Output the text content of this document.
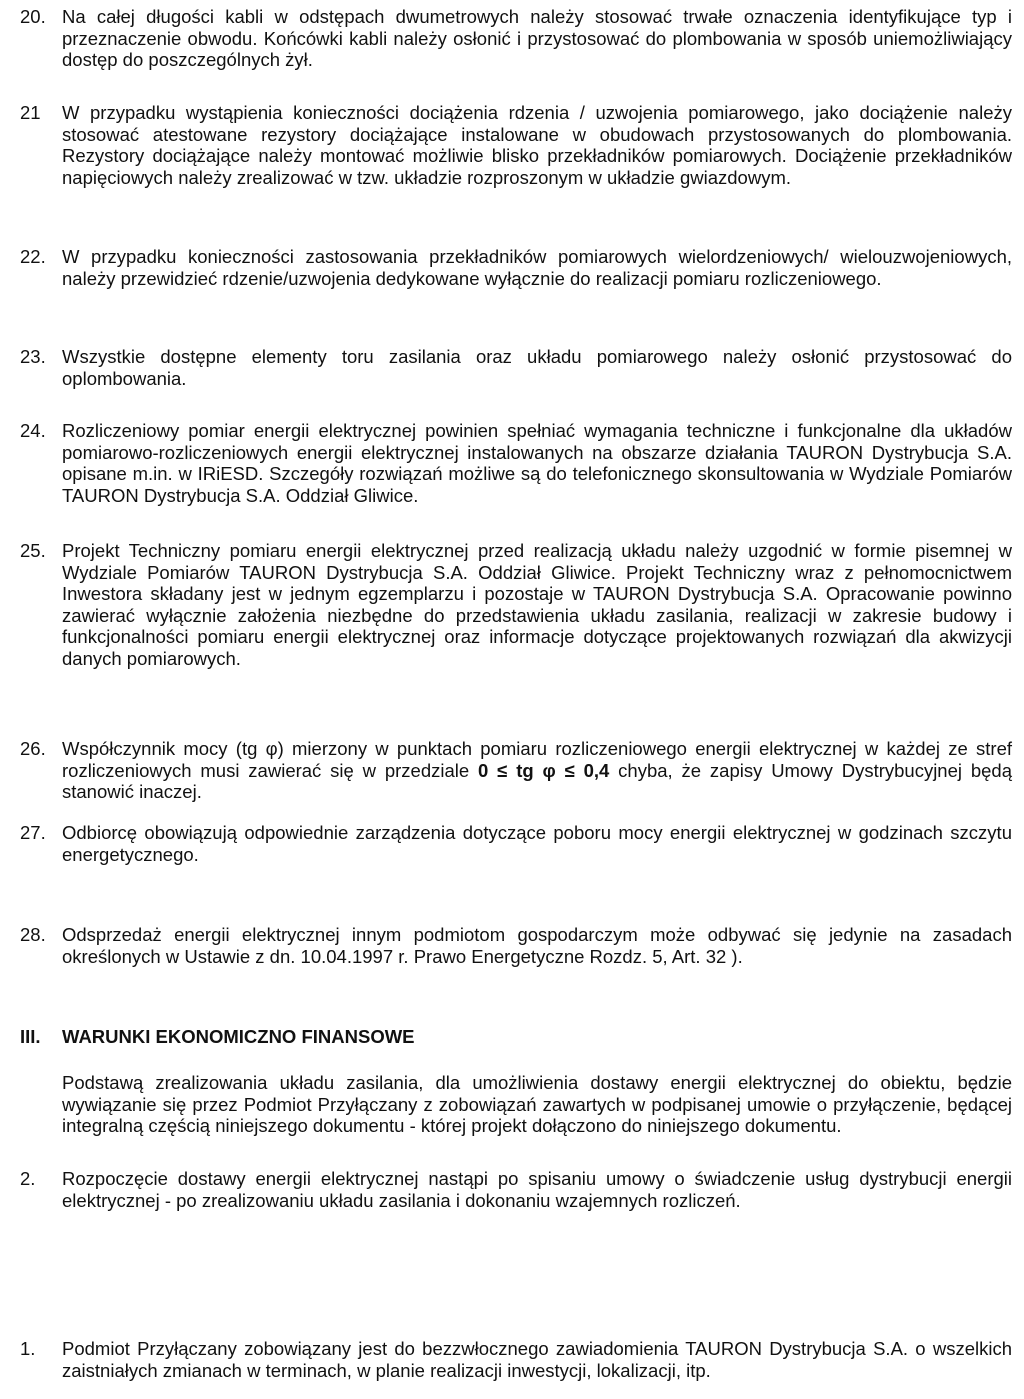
20. Na całej długości kabli w odstępach dwumetrowych należy stosować trwałe oznaczenia identyfikujące typ i przeznaczenie obwodu. Końcówki kabli należy osłonić i przystosować do plombowania w sposób uniemożliwiający dostęp do poszczególnych żył.
21	W przypadku wystąpienia konieczności dociążenia rdzenia / uzwojenia pomiarowego, jako dociążenie należy stosować atestowane rezystory dociążające instalowane w obudowach przystosowanych do plombowania. Rezystory dociążające należy montować możliwie blisko przekładników pomiarowych. Dociążenie przekładników napięciowych należy zrealizować w tzw. układzie rozproszonym w układzie gwiazdowym.
22. W przypadku konieczności zastosowania przekładników pomiarowych wielordzeniowych/ wielouzwojeniowych, należy przewidzieć rdzenie/uzwojenia dedykowane wyłącznie do realizacji pomiaru rozliczeniowego.
23. Wszystkie dostępne elementy toru zasilania oraz układu pomiarowego należy osłonić przystosować do oplombowania.
24. Rozliczeniowy pomiar energii elektrycznej powinien spełniać wymagania techniczne i funkcjonalne dla układów pomiarowo-rozliczeniowych energii elektrycznej instalowanych na obszarze działania TAURON Dystrybucja S.A. opisane m.in. w IRiESD. Szczegóły rozwiązań możliwe są do telefonicznego skonsultowania w Wydziale Pomiarów TAURON Dystrybucja S.A. Oddział Gliwice.
25. Projekt Techniczny pomiaru energii elektrycznej przed realizacją układu należy uzgodnić w formie pisemnej w Wydziale Pomiarów TAURON Dystrybucja S.A. Oddział Gliwice. Projekt Techniczny wraz z pełnomocnictwem Inwestora składany jest w jednym egzemplarzu i pozostaje w TAURON Dystrybucja S.A. Opracowanie powinno zawierać wyłącznie założenia niezbędne do przedstawienia układu zasilania, realizacji w zakresie budowy i funkcjonalności pomiaru energii elektrycznej oraz informacje dotyczące projektowanych rozwiązań dla akwizycji danych pomiarowych.
26. Współczynnik mocy (tg φ) mierzony w punktach pomiaru rozliczeniowego energii elektrycznej w każdej ze stref rozliczeniowych musi zawierać się w przedziale 0 ≤ tg φ ≤ 0,4 chyba, że zapisy Umowy Dystrybucyjnej będą stanowić inaczej.
27. Odbiorcę obowiązują odpowiednie zarządzenia dotyczące poboru mocy energii elektrycznej w godzinach szczytu energetycznego.
28. Odsprzedaż energii elektrycznej innym podmiotom gospodarczym może odbywać się jedynie na zasadach określonych w Ustawie z dn. 10.04.1997 r. Prawo Energetyczne Rozdz. 5, Art. 32 ).
III.	WARUNKI EKONOMICZNO FINANSOWE
Podstawą zrealizowania układu zasilania, dla umożliwienia dostawy energii elektrycznej do obiektu, będzie wywiązanie się przez Podmiot Przyłączany z zobowiązań zawartych w podpisanej umowie o przyłączenie, będącej integralną częścią niniejszego dokumentu - której projekt dołączono do niniejszego dokumentu.
2.	Rozpoczęcie dostawy energii elektrycznej nastąpi po spisaniu umowy o świadczenie usług dystrybucji energii elektrycznej - po zrealizowaniu układu zasilania i dokonaniu wzajemnych rozliczeń.
1.	Podmiot Przyłączany zobowiązany jest do bezzwłocznego zawiadomienia TAURON Dystrybucja S.A. o wszelkich zaistniałych zmianach w terminach, w planie realizacji inwestycji, lokalizacji, itp.
